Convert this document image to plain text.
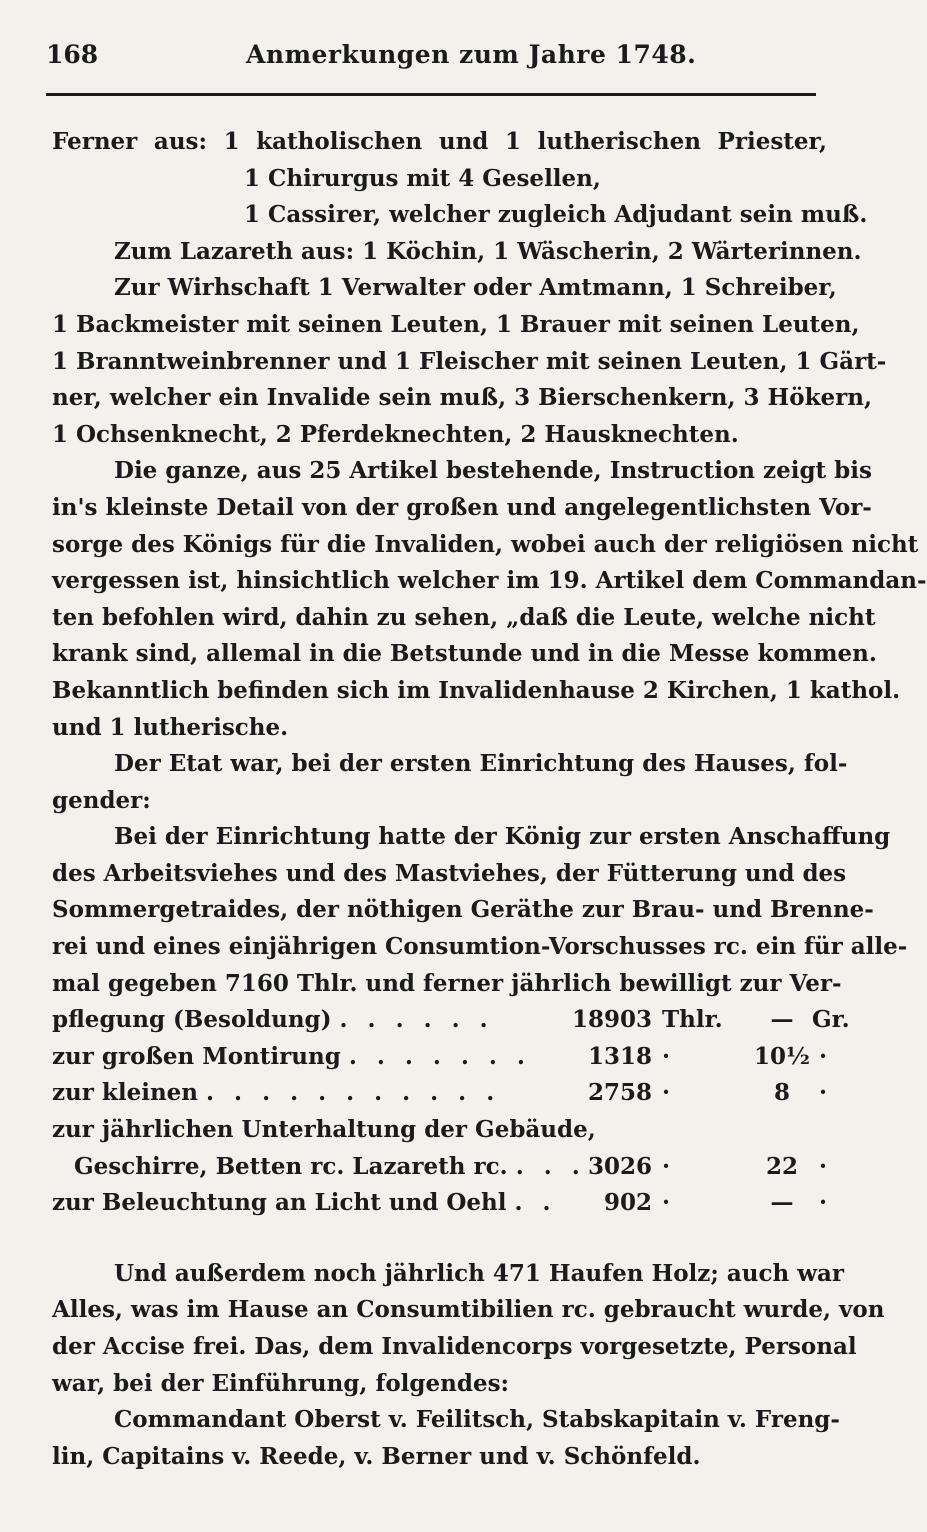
168	Anmerkungen zum Jahre 1748.
Ferner aus: 1 katholischen und 1 lutherischen Priester,
1 Chirurgus mit 4 Gesellen,
1 Cassirer, welcher zugleich Adjudant sein muß.
Zum Lazareth aus: 1 Köchin, 1 Wäscherin, 2 Wärterinnen.
Zur Wirhschaft 1 Verwalter oder Amtmann, 1 Schreiber,
1 Backmeister mit seinen Leuten, 1 Brauer mit seinen Leuten,
1 Branntweinbrenner und 1 Fleischer mit seinen Leuten, 1 Gärt-
ner, welcher ein Invalide sein muß, 3 Bierschenkern, 3 Hökern,
1 Ochsenknecht, 2 Pferdeknechten, 2 Hausknechten.
Die ganze, aus 25 Artikel bestehende, Instruction zeigt bis
in's kleinste Detail von der großen und angelegentlichsten Vor-
sorge des Königs für die Invaliden, wobei auch der religiösen nicht
vergessen ist, hinsichtlich welcher im 19. Artikel dem Commandan-
ten befohlen wird, dahin zu sehen, „daß die Leute, welche nicht
krank sind, allemal in die Betstunde und in die Messe kommen.
Bekanntlich befinden sich im Invalidenhause 2 Kirchen, 1 kathol.
und 1 lutherische.
Der Etat war, bei der ersten Einrichtung des Hauses, fol-
gender:
Bei der Einrichtung hatte der König zur ersten Anschaffung
des Arbeitsviehes und des Mastviehes, der Fütterung und des
Sommergetraides, der nöthigen Geräthe zur Brau- und Brenne-
rei und eines einjährigen Consumtion-Vorschusses rc. ein für alle-
mal gegeben 7160 Thlr. und ferner jährlich bewilligt zur Ver-
pflegung (Besoldung) . . . . . .	18903 Thlr.	— Gr.
zur großen Montirung . . . . . . .	1318 ·	10½ ·
zur kleinen . . . . . . . . . . .	2758 ·	8	·
zur jährlichen Unterhaltung der Gebäude,
Geschirre, Betten rc. Lazareth rc. . . . 3026 ·	22 ·
zur Beleuchtung an Licht und Oehl . .	902 ·	—	·
Und außerdem noch jährlich 471 Haufen Holz; auch war
Alles, was im Hause an Consumtibilien rc. gebraucht wurde, von
der Accise frei. Das, dem Invalidencorps vorgesetzte, Personal
war, bei der Einführung, folgendes:
Commandant Oberst v. Feilitsch, Stabskapitain v. Freng-
lin, Capitains v. Reede, v. Berner und v. Schönfeld.
